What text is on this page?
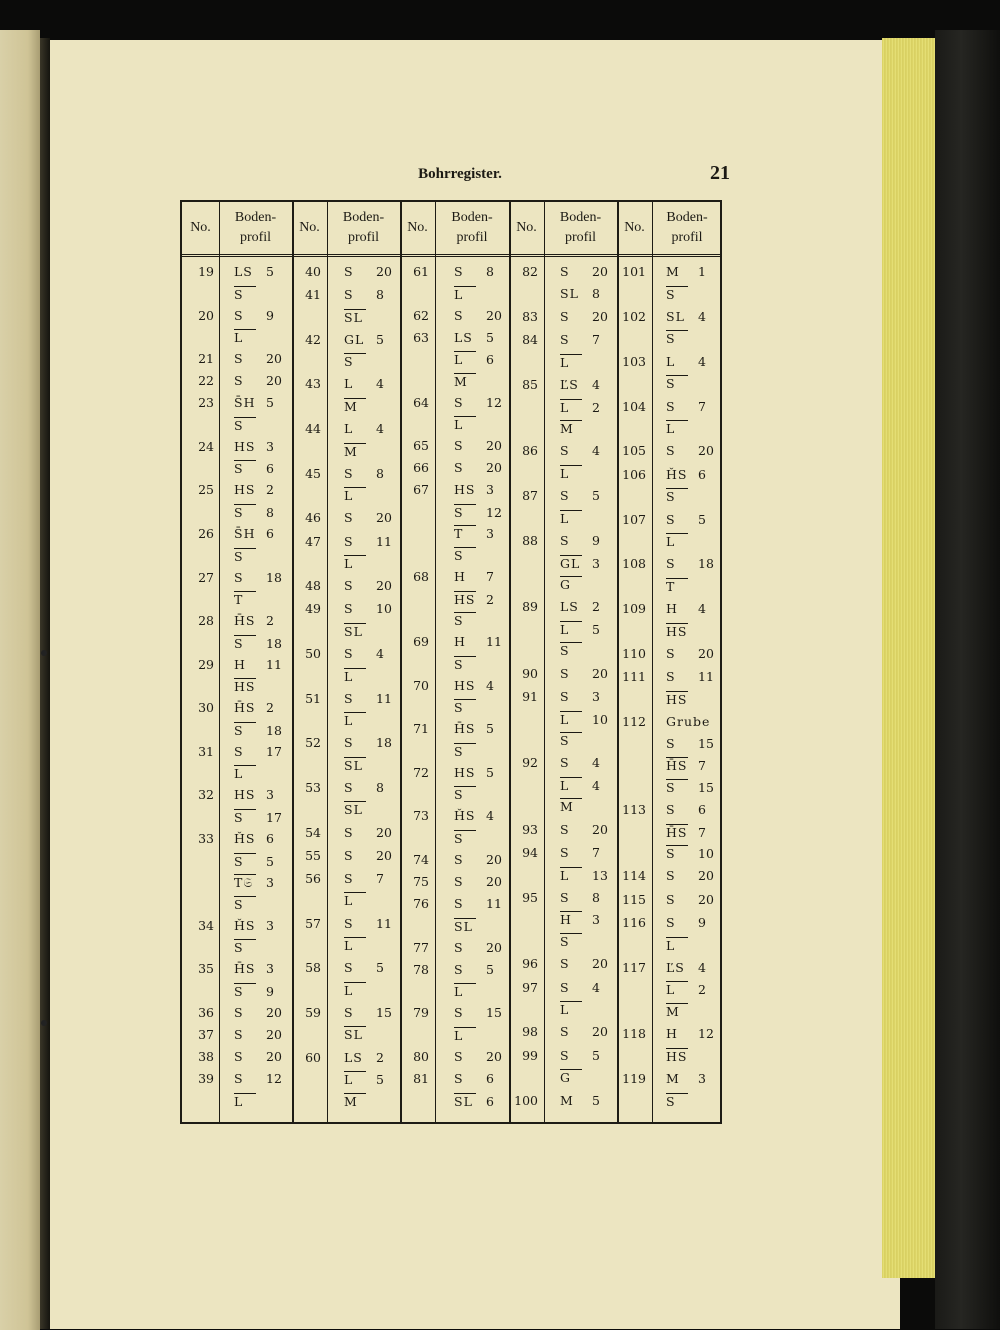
Bohrregister.	21
No.
Boden-
profil
No.
Boden-
profil
No.
Boden-
profil
No.
Boden-
profil
No.
Boden-
profil
19 LS 5
S
20 S 9
L
21 S 20
22 S 20
23 S̄H 5
S
24 HS 3
S 6
25 HS 2
S 8
26 S̄H 6
S
27 S 18
T
28 H̄S 2
S 18
29 H 11
HS
30 H̄S 2
S 18
31 S 17
L
32 HS 3
S 17
33 ȞS 6
S 5
T𝔖 3
S
34 ȞS 3
S
35 H̄S 3
S 9
36 S 20
37 S 20
38 S 20
39 S 12
L
40 S 20
41 S 8
SL
42 GL 5
S
43 L 4
M
44 L 4
M
45 S 8
L
46 S 20
47 S 11
L
48 S 20
49 S 10
SL
50 S 4
L
51 S 11
L
52 S 18
SL
53 S 8
SL
54 S 20
55 S 20
56 S 7
L
57 S 11
L
58 S 5
L
59 S 15
SL
60 LS 2
L 5
M
61 S 8
L
62 S 20
63 LS 5
L 6
M
64 S 12
L
65 S 20
66 S 20
67 HS 3
S 12
T 3
S
68 H 7
HS 2
S
69 H 11
S
70 HS 4
S
71 H̄S 5
S
72 HS 5
S
73 ȞS 4
S
74 S 20
75 S 20
76 S 11
SL
77 S 20
78 S 5
L
79 S 15
L
80 S 20
81 S 6
SL 6
82 S 20
SL 8
83 S 20
84 S 7
L
85 ĽS 4
L 2
M
86 S 4
L
87 S 5
L
88 S 9
GL 3
G
89 LS 2
L 5
S
90 S 20
91 S 3
L 10
S
92 S 4
L 4
M
93 S 20
94 S 7
L 13
95 S 8
H 3
S
96 S 20
97 S 4
L
98 S 20
99 S 5
G
100 M 5
101 M 1
S
102 SL 4
S
103 L 4
S
104 S 7
L
105 S 20
106 ȞS 6
S
107 S 5
L
108 S 18
T
109 H 4
HS
110 S 20
111 S 11
HS
112 Grube
S 15
H̄S 7
S 15
113 S 6
H̄S 7
S 10
114 S 20
115 S 20
116 S 9
L
117 ĽS 4
L 2
M
118 H 12
HS
119 M 3
S
